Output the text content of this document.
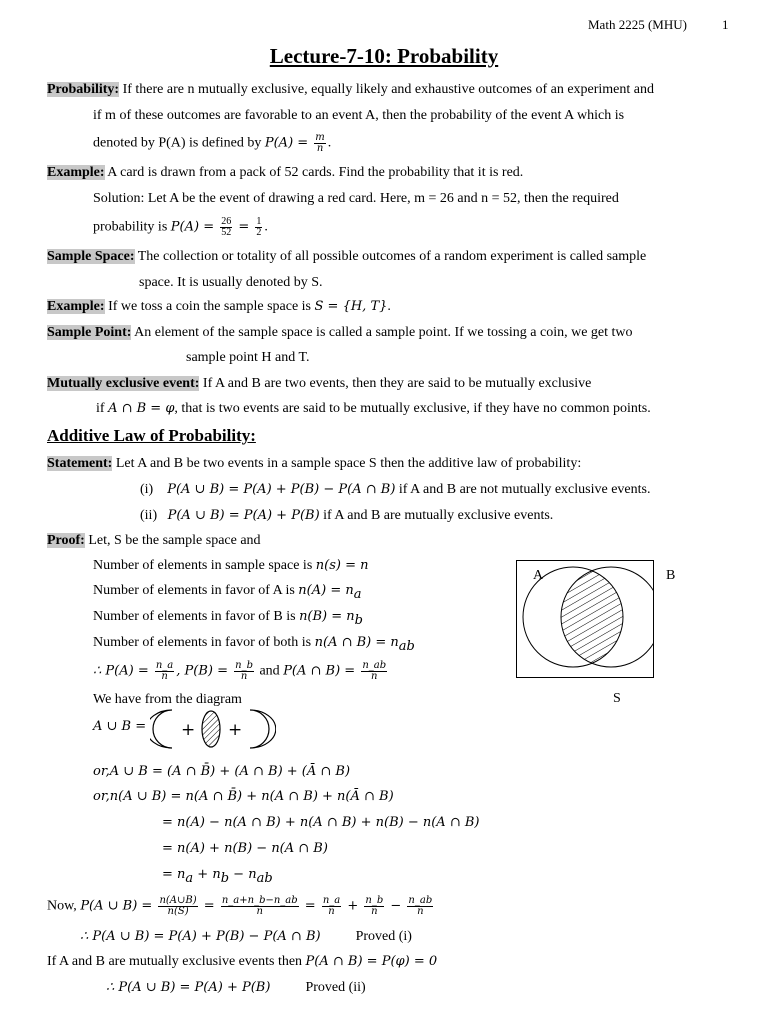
Math 2225 (MHU)	1
Lecture-7-10: Probability
Probability: If there are n mutually exclusive, equally likely and exhaustive outcomes of an experiment and
if m of these outcomes are favorable to an event A, then the probability of the event A which is
denoted by P(A) is defined by $P(A) = \frac{m}{n}$ .
Example: A card is drawn from a pack of 52 cards. Find the probability that it is red.
Solution: Let A be the event of drawing a red card. Here, m = 26 and n = 52, then the required
probability is $P(A) = \frac{26}{52} = \frac{1}{2}$ .
Sample Space: The collection or totality of all possible outcomes of a random experiment is called sample
space. It is usually denoted by S.
Example: If we toss a coin the sample space is S = {H, T}.
Sample Point: An element of the sample space is called a sample point. If we tossing a coin, we get two
sample point H and T.
Mutually exclusive event: If A and B are two events, then they are said to be mutually exclusive
if A ∩ B = φ, that is two events are said to be mutually exclusive, if they have no common points.
Additive Law of Probability:
Statement: Let A and B be two events in a sample space S then the additive law of probability:
(i) P(A ∪ B) = P(A) + P(B) − P(A ∩ B) if A and B are not mutually exclusive events.
(ii) P(A ∪ B) = P(A) + P(B) if A and B are mutually exclusive events.
Proof: Let, S be the sample space and
Number of elements in sample space is n(s) = n
Number of elements in favor of A is $n(A) = n_a$
Number of elements in favor of B is $n(B) = n_b$
Number of elements in favor of both is n(A ∩ $B) = n_{ab}$
∴ $P(A) = \frac{n\_a}{n}$ , $P(B) = \frac{n\_b}{n}$ and P(A ∩ $B) = \frac{n\_ab}{n}$
We have from the diagram
A ∪ B = + +
A	B
S
or,A ∪ B = (A ∩ B̄) + (A ∩ B) + (Ā ∩ B)
or,n(A ∪ B) = n(A ∩ B̄) + n(A ∩ B) + n(Ā ∩ B)
= n(A) − n(A ∩ B) + n(A ∩ B) + n(B) − n(A ∩ B)
= n(A) + n(B) − n(A ∩ B)
= $n_a + n_b - n_{ab}$
Now, P(A ∪ $B) = \frac{n(A\cup B)}{n(S)} = \frac{n\_a+n\_b-n\_ab}{n} = \frac{n\_a}{n} + \frac{n\_b}{n} - \frac{n\_ab}{n}$
∴ P(A ∪ B) = P(A) + P(B) − P(A ∩ B)	Proved (i)
If A and B are mutually exclusive events then P(A ∩ B) = P(φ) = 0
∴ P(A ∪ B) = P(A) + P(B)	Proved (ii)
